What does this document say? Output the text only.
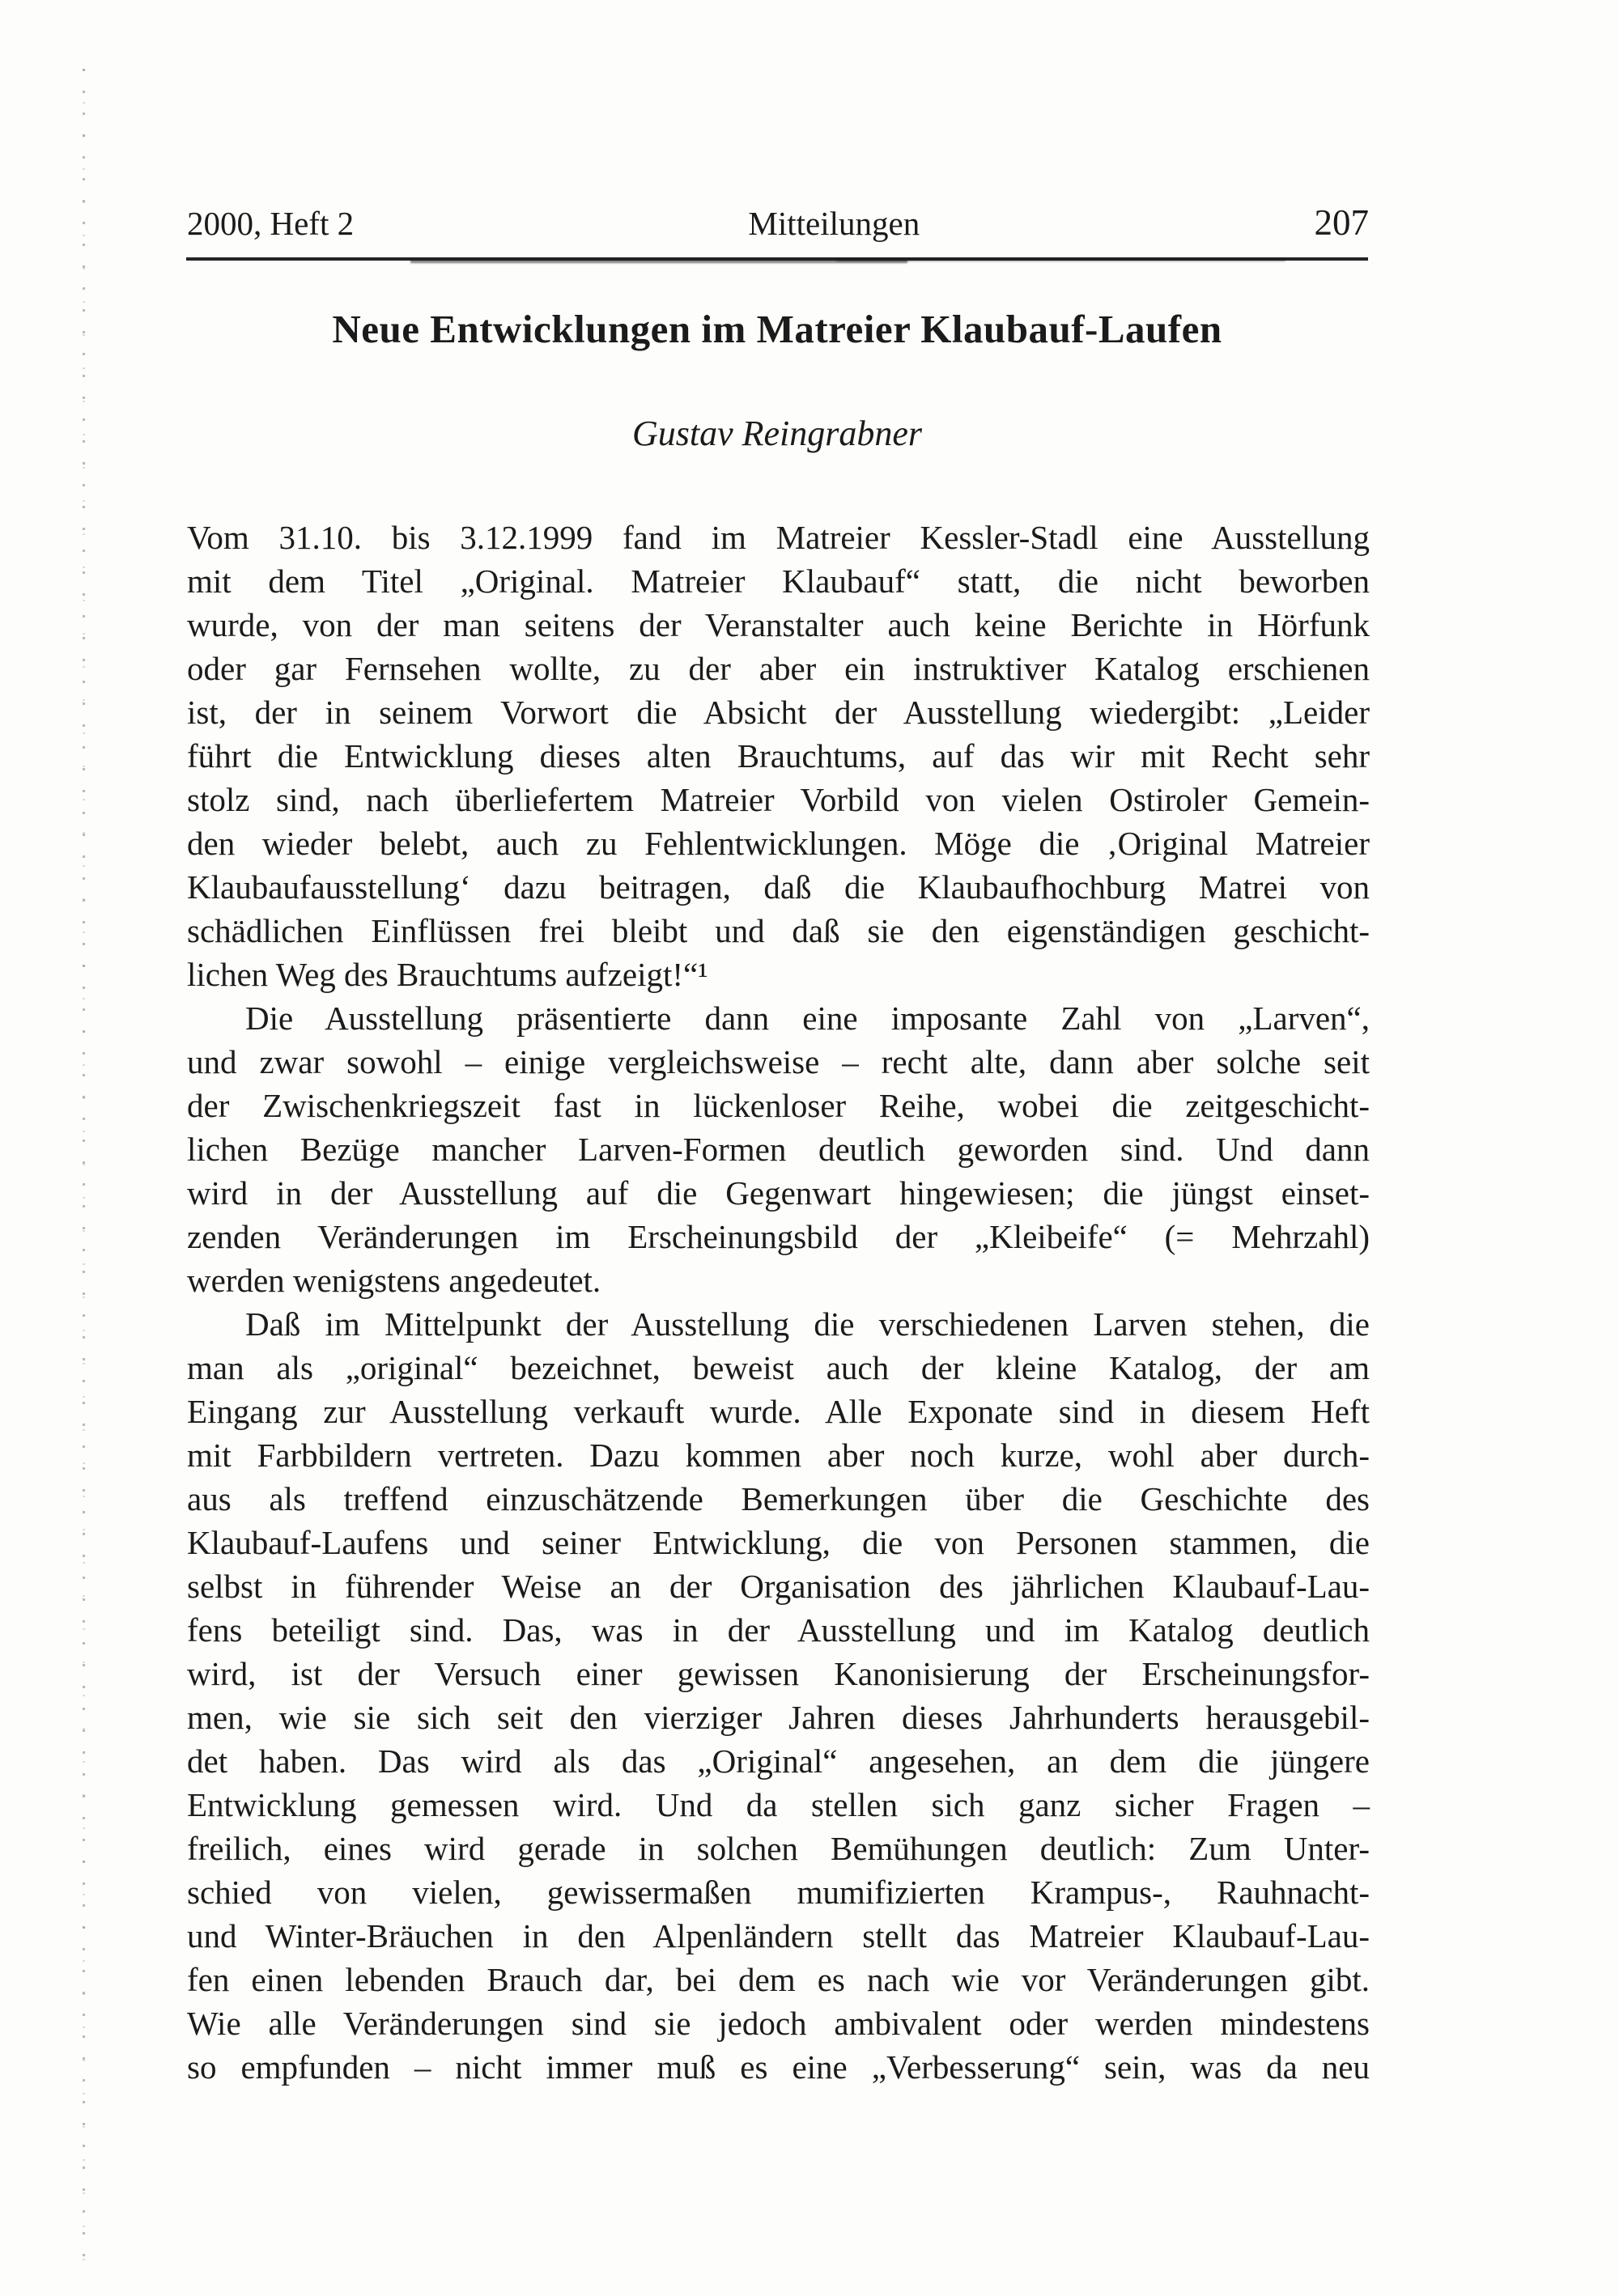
2000, Heft 2	Mitteilungen	207
Neue Entwicklungen im Matreier Klaubauf-Laufen
Gustav Reingrabner

Vom 31.10. bis 3.12.1999 fand im Matreier Kessler-Stadl eine Ausstellung
mit dem Titel „Original. Matreier Klaubauf“ statt, die nicht beworben
wurde, von der man seitens der Veranstalter auch keine Berichte in Hörfunk
oder gar Fernsehen wollte, zu der aber ein instruktiver Katalog erschienen
ist, der in seinem Vorwort die Absicht der Ausstellung wiedergibt: „Leider
führt die Entwicklung dieses alten Brauchtums, auf das wir mit Recht sehr
stolz sind, nach überliefertem Matreier Vorbild von vielen Ostiroler Gemein-
den wieder belebt, auch zu Fehlentwicklungen. Möge die ‚Original Matreier
Klaubaufausstellung‘ dazu beitragen, daß die Klaubaufhochburg Matrei von
schädlichen Einflüssen frei bleibt und daß sie den eigenständigen geschicht-
lichen Weg des Brauchtums aufzeigt!“¹

Die Ausstellung präsentierte dann eine imposante Zahl von „Larven“,
und zwar sowohl – einige vergleichsweise – recht alte, dann aber solche seit
der Zwischenkriegszeit fast in lückenloser Reihe, wobei die zeitgeschicht-
lichen Bezüge mancher Larven-Formen deutlich geworden sind. Und dann
wird in der Ausstellung auf die Gegenwart hingewiesen; die jüngst einset-
zenden Veränderungen im Erscheinungsbild der „Kleibeife“ (= Mehrzahl)
werden wenigstens angedeutet.

Daß im Mittelpunkt der Ausstellung die verschiedenen Larven stehen, die
man als „original“ bezeichnet, beweist auch der kleine Katalog, der am
Eingang zur Ausstellung verkauft wurde. Alle Exponate sind in diesem Heft
mit Farbbildern vertreten. Dazu kommen aber noch kurze, wohl aber durch-
aus als treffend einzuschätzende Bemerkungen über die Geschichte des
Klaubauf-Laufens und seiner Entwicklung, die von Personen stammen, die
selbst in führender Weise an der Organisation des jährlichen Klaubauf-Lau-
fens beteiligt sind. Das, was in der Ausstellung und im Katalog deutlich
wird, ist der Versuch einer gewissen Kanonisierung der Erscheinungsfor-
men, wie sie sich seit den vierziger Jahren dieses Jahrhunderts herausgebil-
det haben. Das wird als das „Original“ angesehen, an dem die jüngere
Entwicklung gemessen wird. Und da stellen sich ganz sicher Fragen –
freilich, eines wird gerade in solchen Bemühungen deutlich: Zum Unter-
schied von vielen, gewissermaßen mumifizierten Krampus-, Rauhnacht-
und Winter-Bräuchen in den Alpenländern stellt das Matreier Klaubauf-Lau-
fen einen lebenden Brauch dar, bei dem es nach wie vor Veränderungen gibt.
Wie alle Veränderungen sind sie jedoch ambivalent oder werden mindestens
so empfunden – nicht immer muß es eine „Verbesserung“ sein, was da neu
